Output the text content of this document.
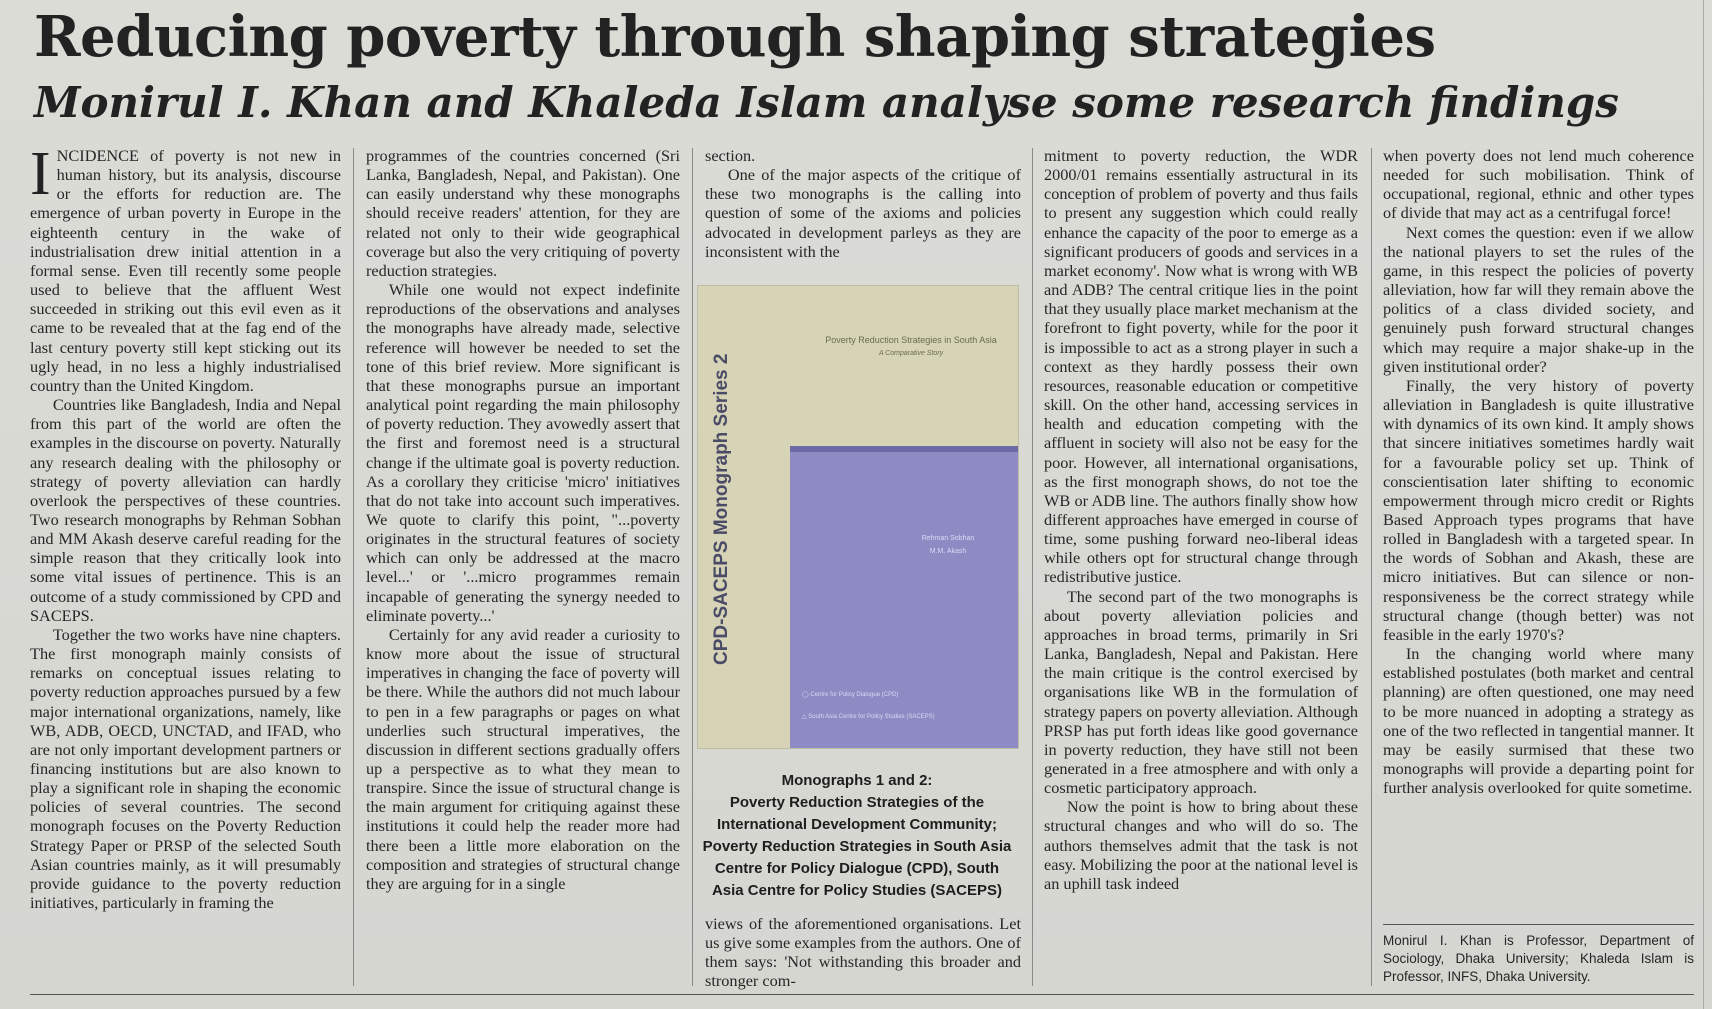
Reducing poverty through shaping strategies
Monirul I. Khan and Khaleda Islam analyse some research findings

INCIDENCE of poverty is not new in human history, but its analysis, discourse or the efforts for reduction are. The emergence of urban poverty in Europe in the eighteenth century in the wake of industrialisation drew initial attention in a formal sense. Even till recently some people used to believe that the affluent West succeeded in striking out this evil even as it came to be revealed that at the fag end of the last century poverty still kept sticking out its ugly head, in no less a highly industrialised country than the United Kingdom.

Countries like Bangladesh, India and Nepal from this part of the world are often the examples in the discourse on poverty. Naturally any research dealing with the philosophy or strategy of poverty alleviation can hardly overlook the perspectives of these countries. Two research monographs by Rehman Sobhan and MM Akash deserve careful reading for the simple reason that they critically look into some vital issues of pertinence. This is an outcome of a study commissioned by CPD and SACEPS.

Together the two works have nine chapters. The first monograph mainly consists of remarks on conceptual issues relating to poverty reduction approaches pursued by a few major international organizations, namely, like WB, ADB, OECD, UNCTAD, and IFAD, who are not only important development partners or financing institutions but are also known to play a significant role in shaping the economic policies of several countries. The second monograph focuses on the Poverty Reduction Strategy Paper or PRSP of the selected South Asian countries mainly, as it will presumably provide guidance to the poverty reduction initiatives, particularly in framing the

programmes of the countries concerned (Sri Lanka, Bangladesh, Nepal, and Pakistan). One can easily understand why these monographs should receive readers' attention, for they are related not only to their wide geographical coverage but also the very critiquing of poverty reduction strategies.

While one would not expect indefinite reproductions of the observations and analyses the monographs have already made, selective reference will however be needed to set the tone of this brief review. More significant is that these monographs pursue an important analytical point regarding the main philosophy of poverty reduction. They avowedly assert that the first and foremost need is a structural change if the ultimate goal is poverty reduction. As a corollary they criticise 'micro' initiatives that do not take into account such imperatives. We quote to clarify this point, "...poverty originates in the structural features of society which can only be addressed at the macro level...' or '...micro programmes remain incapable of generating the synergy needed to eliminate poverty...'

Certainly for any avid reader a curiosity to know more about the issue of structural imperatives in changing the face of poverty will be there. While the authors did not much labour to pen in a few paragraphs or pages on what underlies such structural imperatives, the discussion in different sections gradually offers up a perspective as to what they mean to transpire. Since the issue of structural change is the main argument for critiquing against these institutions it could help the reader more had there been a little more elaboration on the composition and strategies of structural change they are arguing for in a single

section.

One of the major aspects of the critique of these two monographs is the calling into question of some of the axioms and policies advocated in development parleys as they are inconsistent with the

CPD-SACEPS Monograph Series 2
Poverty Reduction Strategies in South Asia
A Comparative Story
Rehman Sobhan
M.M. Akash
◯ Centre for Policy Dialogue (CPD)
△ South Asia Centre for Policy Studies (SACEPS)
Monographs 1 and 2:
Poverty Reduction Strategies of the
International Development Community;
Poverty Reduction Strategies in South Asia
Centre for Policy Dialogue (CPD), South
Asia Centre for Policy Studies (SACEPS)

views of the aforementioned organisations. Let us give some examples from the authors. One of them says: 'Not withstanding this broader and stronger com-

mitment to poverty reduction, the WDR 2000/01 remains essentially astructural in its conception of problem of poverty and thus fails to present any suggestion which could really enhance the capacity of the poor to emerge as a significant producers of goods and services in a market economy'. Now what is wrong with WB and ADB? The central critique lies in the point that they usually place market mechanism at the forefront to fight poverty, while for the poor it is impossible to act as a strong player in such a context as they hardly possess their own resources, reasonable education or competitive skill. On the other hand, accessing services in health and education competing with the affluent in society will also not be easy for the poor. However, all international organisations, as the first monograph shows, do not toe the WB or ADB line. The authors finally show how different approaches have emerged in course of time, some pushing forward neo-liberal ideas while others opt for structural change through redistributive justice.

The second part of the two monographs is about poverty alleviation policies and approaches in broad terms, primarily in Sri Lanka, Bangladesh, Nepal and Pakistan. Here the main critique is the control exercised by organisations like WB in the formulation of strategy papers on poverty alleviation. Although PRSP has put forth ideas like good governance in poverty reduction, they have still not been generated in a free atmosphere and with only a cosmetic participatory approach.

Now the point is how to bring about these structural changes and who will do so. The authors themselves admit that the task is not easy. Mobilizing the poor at the national level is an uphill task indeed

when poverty does not lend much coherence needed for such mobilisation. Think of occupational, regional, ethnic and other types of divide that may act as a centrifugal force!

Next comes the question: even if we allow the national players to set the rules of the game, in this respect the policies of poverty alleviation, how far will they remain above the politics of a class divided society, and genuinely push forward structural changes which may require a major shake-up in the given institutional order?

Finally, the very history of poverty alleviation in Bangladesh is quite illustrative with dynamics of its own kind. It amply shows that sincere initiatives sometimes hardly wait for a favourable policy set up. Think of conscientisation later shifting to economic empowerment through micro credit or Rights Based Approach types programs that have rolled in Bangladesh with a targeted spear. In the words of Sobhan and Akash, these are micro initiatives. But can silence or non-responsiveness be the correct strategy while structural change (though better) was not feasible in the early 1970's?

In the changing world where many established postulates (both market and central planning) are often questioned, one may need to be more nuanced in adopting a strategy as one of the two reflected in tangential manner. It may be easily surmised that these two monographs will provide a departing point for further analysis overlooked for quite sometime.

Monirul I. Khan is Professor, Department of Sociology, Dhaka University; Khaleda Islam is Professor, INFS, Dhaka University.
